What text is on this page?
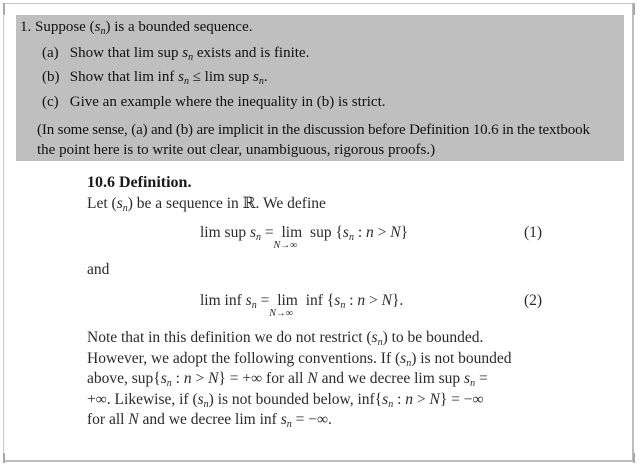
1. Suppose $(s_n)$ is a bounded sequence.
(a) Show that lim sup $s_n$ exists and is finite.
(b) Show that lim inf $s_n \le \lim$ sup $s_n$.
(c) Give an example where the inequality in (b) is strict.
(In some sense, (a) and (b) are implicit in the discussion before Definition 10.6 in the textbook
the point here is to write out clear, unambiguous, rigorous proofs.)
10.6 Definition.
Let $(s_n)$ be a sequence in ℝ. We define
lim sup $s_n = \lim$
N→∞
sup {$s_n$ : n > N}	(1)
and
lim inf $s_n = \lim$
N→∞
inf {$s_n$ : n > N}.	(2)
Note that in this definition we do not restrict $(s_n)$ to be bounded.
However, we adopt the following conventions. If $(s_n)$ is not bounded
above, $sup\{s_n$ : n > N} = +∞ for all N and we decree lim sup $s_n$ =
+∞. Likewise, if $(s_n)$ is not bounded below, $inf\{s_n$ : n > N} = −∞
for all N and we decree lim inf $s_n$ = −∞.
